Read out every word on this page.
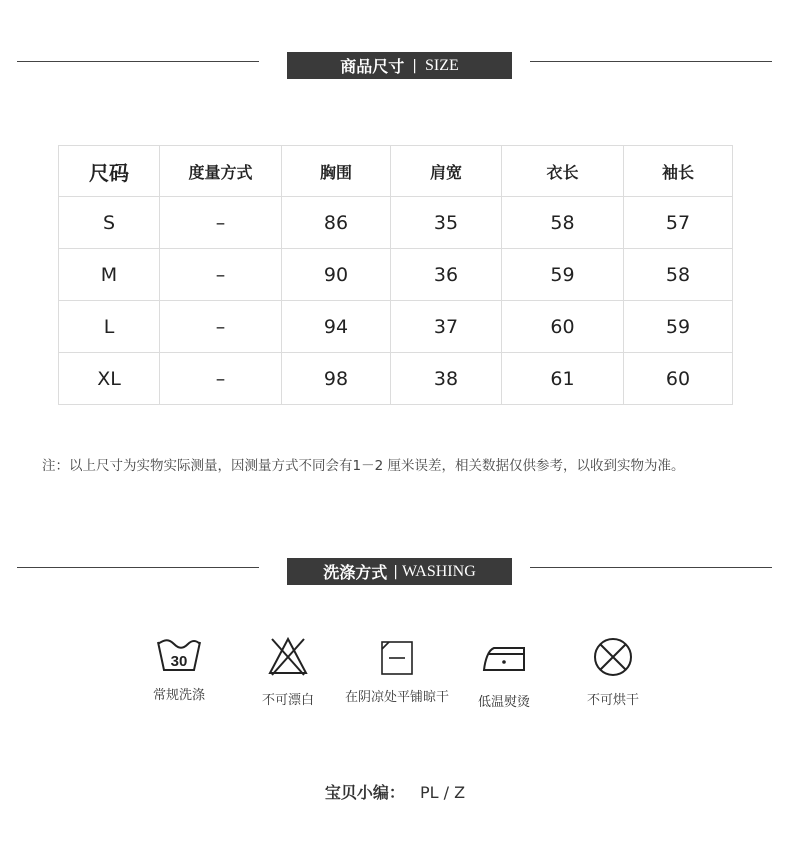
商品尺寸 | SIZE
尺码	度量方式	胸围	肩宽	衣长	袖长
S	–	86	35	58	57
M	–	90	36	59	58
L	–	94	37	60	59
XL	–	98	38	61	60
注：以上尺寸为实物实际测量，因测量方式不同会有1－2 厘米误差，相关数据仅供参考，以收到实物为准。
洗涤方式 | WASHING
30
常规洗涤	不可漂白	在阴凉处平铺晾干	低温熨烫	不可烘干
宝贝小编： PL / Z
